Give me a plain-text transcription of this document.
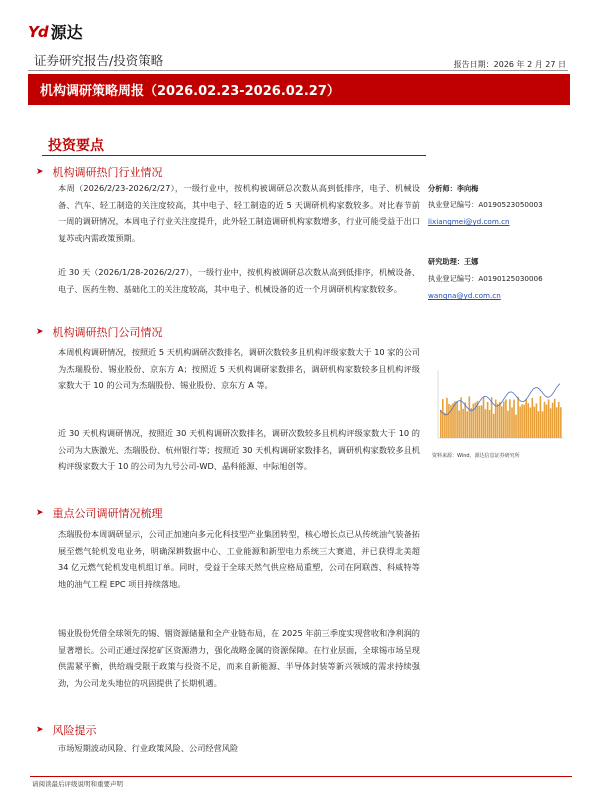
Yd 源达
证券研究报告/投资策略	报告日期：2026 年 2 月 27 日
机构调研策略周报（2026.02.23-2026.02.27）
投资要点
➤ 机构调研热门行业情况
本周（2026/2/23-2026/2/27），一级行业中，按机构被调研总次数从高到低排序，电子、机械设备、汽车、轻工制造的关注度较高，其中电子、轻工制造的近 5 天调研机构家数较多。对比春节前一周的调研情况，本周电子行业关注度提升，此外轻工制造调研机构家数增多，行业可能受益于出口复苏或内需政策预期。
近 30 天（2026/1/28-2026/2/27），一级行业中，按机构被调研总次数从高到低排序，机械设备、电子、医药生物、基础化工的关注度较高，其中电子、机械设备的近一个月调研机构家数较多。
➤ 机构调研热门公司情况
本周机构调研情况，按照近 5 天机构调研次数排名，调研次数较多且机构评级家数大于 10 家的公司为杰瑞股份、锡业股份、京东方 A；按照近 5 天机构调研家数排名，调研机构家数较多且机构评级家数大于 10 的公司为杰瑞股份、锡业股份、京东方 A 等。
近 30 天机构调研情况，按照近 30 天机构调研次数排名，调研次数较多且机构评级家数大于 10 的公司为大族激光、杰瑞股份、杭州银行等；按照近 30 天机构调研家数排名，调研机构家数较多且机构评级家数大于 10 的公司为九号公司-WD、晶科能源、中际旭创等。
➤ 重点公司调研情况梳理
杰瑞股份本周调研显示，公司正加速向多元化科技型产业集团转型，核心增长点已从传统油气装备拓展至燃气轮机发电业务，明确深耕数据中心、工业能源和新型电力系统三大赛道，并已获得北美超 34 亿元燃气轮机发电机组订单。同时，受益于全球天然气供应格局重塑，公司在阿联酋、科威特等地的油气工程 EPC 项目持续落地。
锡业股份凭借全球领先的锡、铟资源储量和全产业链布局，在 2025 年前三季度实现营收和净利润的显著增长。公司正通过深挖矿区资源潜力，强化战略金属的资源保障。在行业层面，全球锡市场呈现供需紧平衡，供给端受限于政策与投资不足，而来自新能源、半导体封装等新兴领域的需求持续强劲，为公司龙头地位的巩固提供了长期机遇。
➤ 风险提示
市场短期波动风险、行业政策风险、公司经营风险
分析师：李向梅
执业登记编号：A0190523050003
lixiangmei@yd.com.cn
研究助理：王娜
执业登记编号：A0190125030006
wangna@yd.com.cn
资料来源：Wind，源达信息证券研究所
请阅读最后评级说明和重要声明
